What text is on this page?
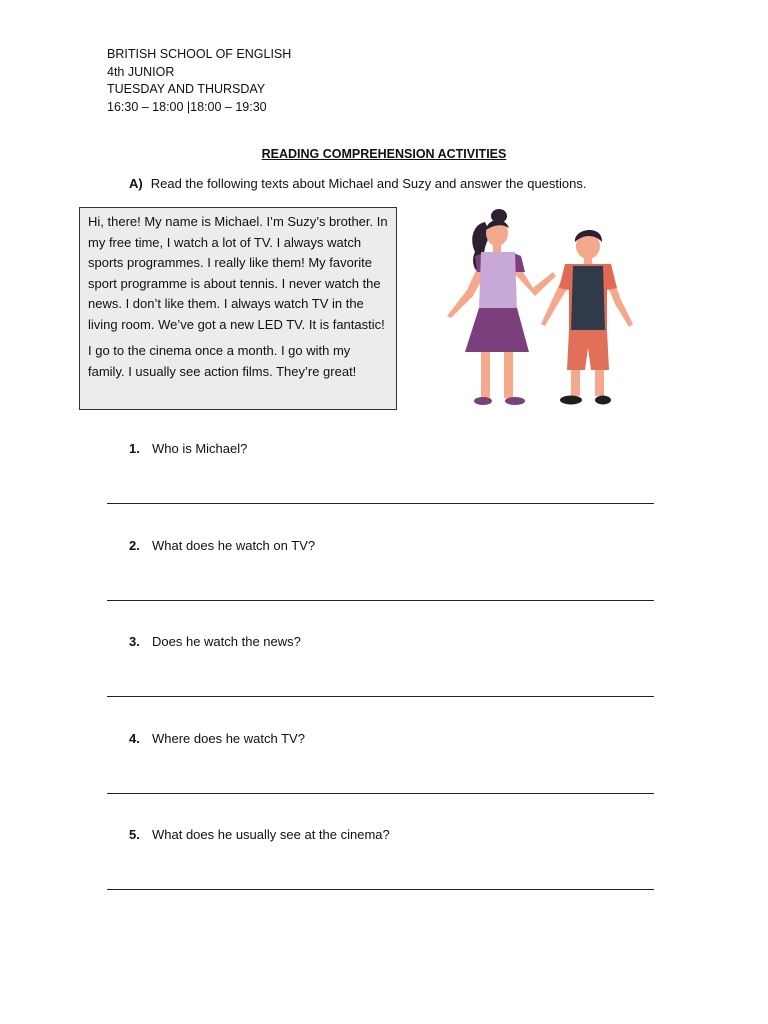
BRITISH SCHOOL OF ENGLISH
4th JUNIOR
TUESDAY AND THURSDAY
16:30 – 18:00 |18:00 – 19:30
READING COMPREHENSION ACTIVITIES
A) Read the following texts about Michael and Suzy and answer the questions.

Hi, there! My name is Michael. I’m Suzy’s brother. In my free time, I watch a lot of TV. I always watch sports programmes. I really like them! My favorite sport programme is about tennis. I never watch the news. I don’t like them. I always watch TV in the living room. We’ve got a new LED TV. It is fantastic!

I go to the cinema once a month. I go with my family. I usually see action films. They’re great!

1. Who is Michael?
2. What does he watch on TV?
3. Does he watch the news?
4. Where does he watch TV?
5. What does he usually see at the cinema?
